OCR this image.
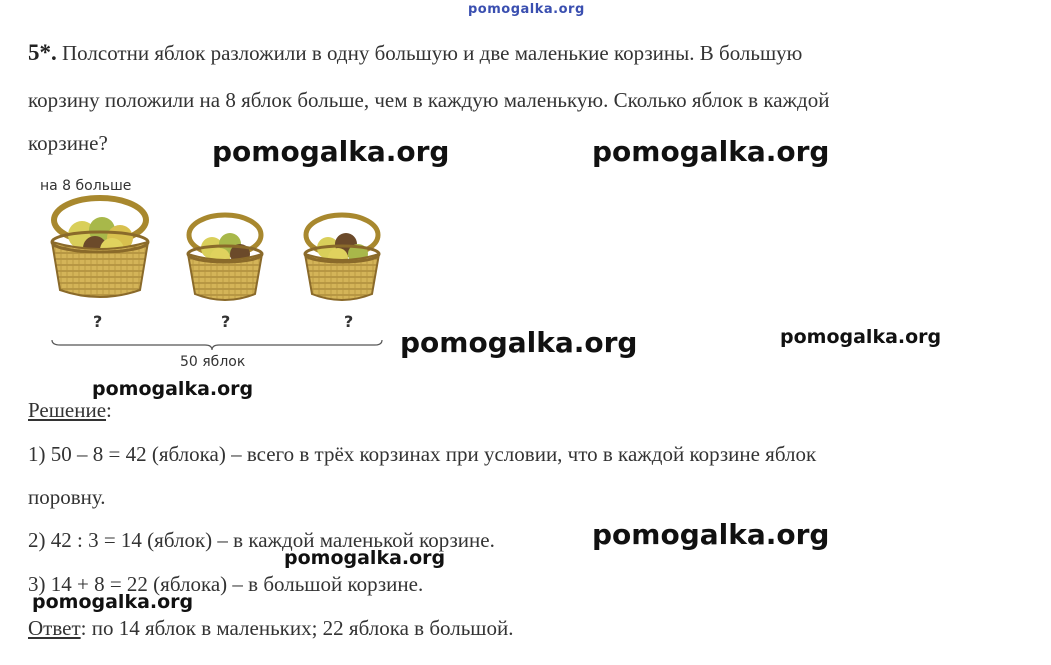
pomogalka.org
5*. Полсотни яблок разложили в одну большую и две маленькие корзины. В большую
корзину положили на 8 яблок больше, чем в каждую маленькую. Сколько яблок в каждой
корзине?	pomogalka.org	pomogalka.org
на 8 больше
?	?	?
50 яблок
pomogalka.org	pomogalka.org
pomogalka.org
Решение:
1) 50 – 8 = 42 (яблока) – всего в трёх корзинах при условии, что в каждой корзине яблок
поровну.
2) 42 : 3 = 14 (яблок) – в каждой маленькой корзине.
3) 14 + 8 = 22 (яблока) – в большой корзине.
Ответ: по 14 яблок в маленьких; 22 яблока в большой.
pomogalka.org
pomogalka.org
pomogalka.org
